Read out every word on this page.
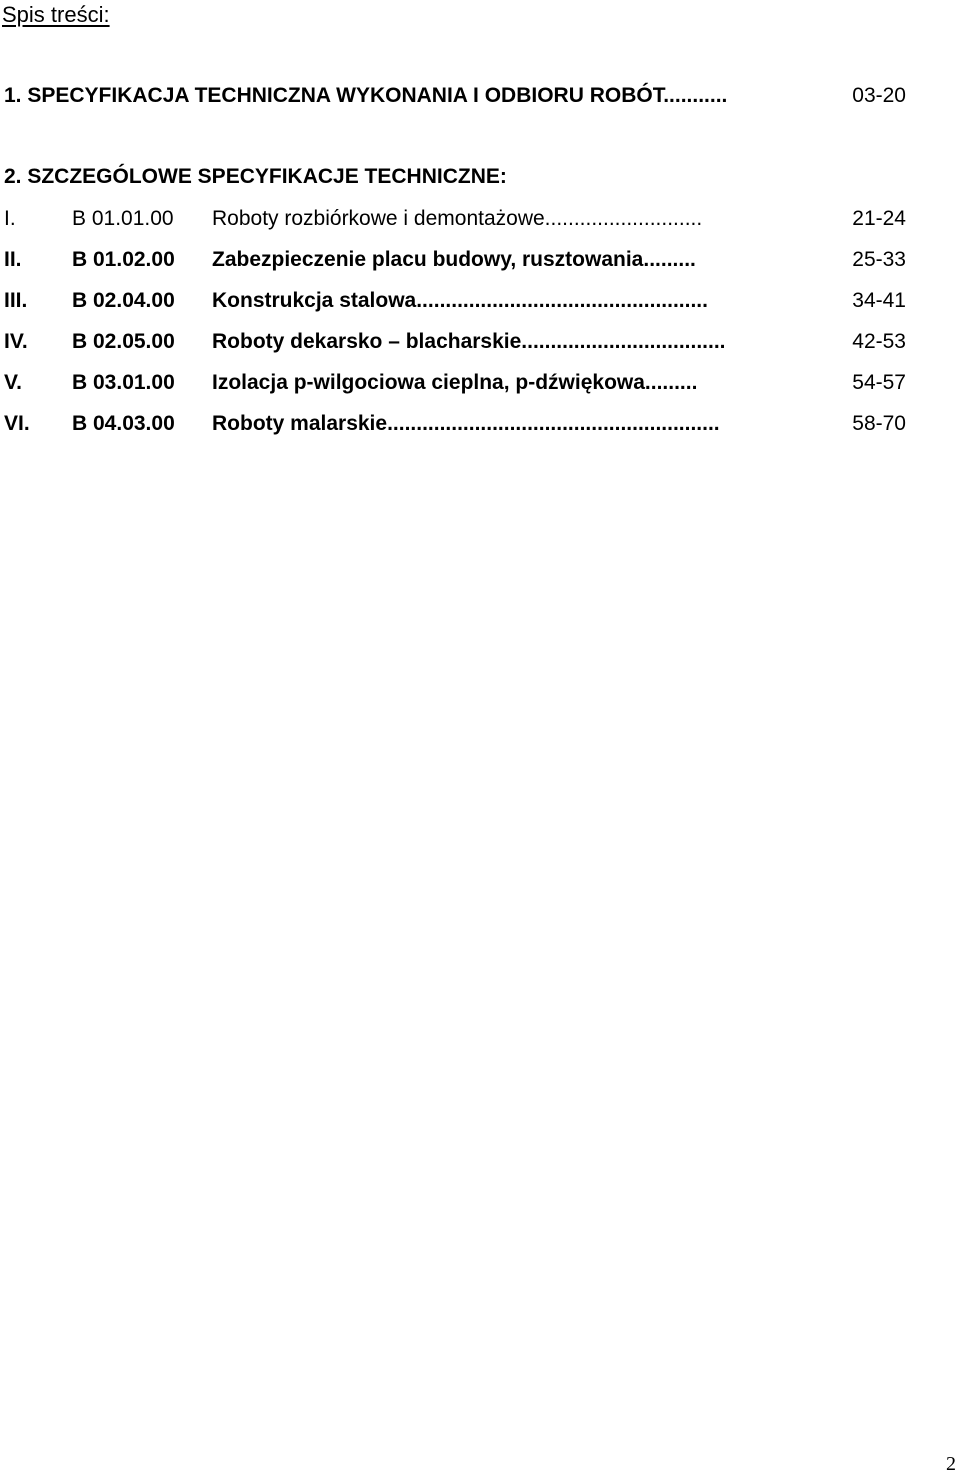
Spis treści:
1. SPECYFIKACJA TECHNICZNA WYKONANIA I ODBIORU ROBÓT...........	03-20
2. SZCZEGÓLOWE SPECYFIKACJE TECHNICZNE:
I.	B 01.01.00 Roboty rozbiórkowe i demontażowe...........................	21-24
II. B 01.02.00 Zabezpieczenie placu budowy, rusztowania.........	25-33
III. B 02.04.00 Konstrukcja stalowa..................................................	34-41
IV. B 02.05.00 Roboty dekarsko – blacharskie...................................	42-53
V. B 03.01.00 Izolacja p-wilgociowa cieplna, p-dźwiękowa.........	54-57
VI. B 04.03.00 Roboty malarskie.........................................................	58-70
2
